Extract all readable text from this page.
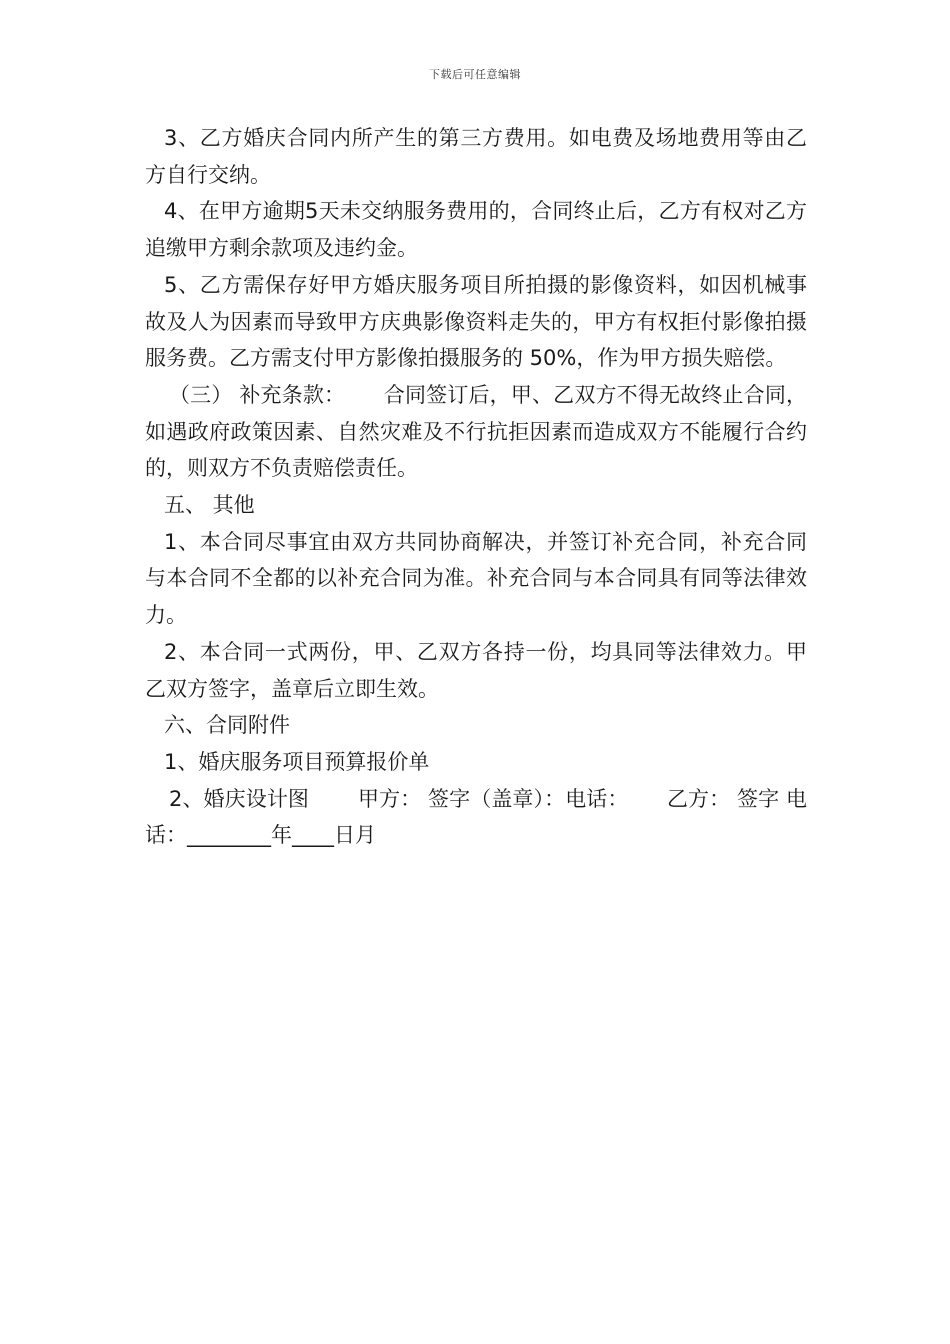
下载后可任意编辑

3、乙方婚庆合同内所产生的第三方费用。如电费及场地费用等由乙方自行交纳。

4、在甲方逾期5天未交纳服务费用的，合同终止后，乙方有权对乙方追缴甲方剩余款项及违约金。

5、乙方需保存好甲方婚庆服务项目所拍摄的影像资料，如因机械事故及人为因素而导致甲方庆典影像资料走失的，甲方有权拒付影像拍摄服务费。乙方需支付甲方影像拍摄服务的 50%，作为甲方损失赔偿。

（三） 补充条款：　　 合同签订后，甲、乙双方不得无故终止合同，如遇政府政策因素、自然灾难及不行抗拒因素而造成双方不能履行合约的，则双方不负责赔偿责任。

五、 其他

1、本合同尽事宜由双方共同协商解决，并签订补充合同，补充合同与本合同不全都的以补充合同为准。补充合同与本合同具有同等法律效力。

2、本合同一式两份，甲、乙双方各持一份，均具同等法律效力。甲乙双方签字，盖章后立即生效。

六、合同附件

1、婚庆服务项目预算报价单

2、婚庆设计图　　 甲方： 签字（盖章）：电话：　　 乙方： 签字 电话：________年____日月
